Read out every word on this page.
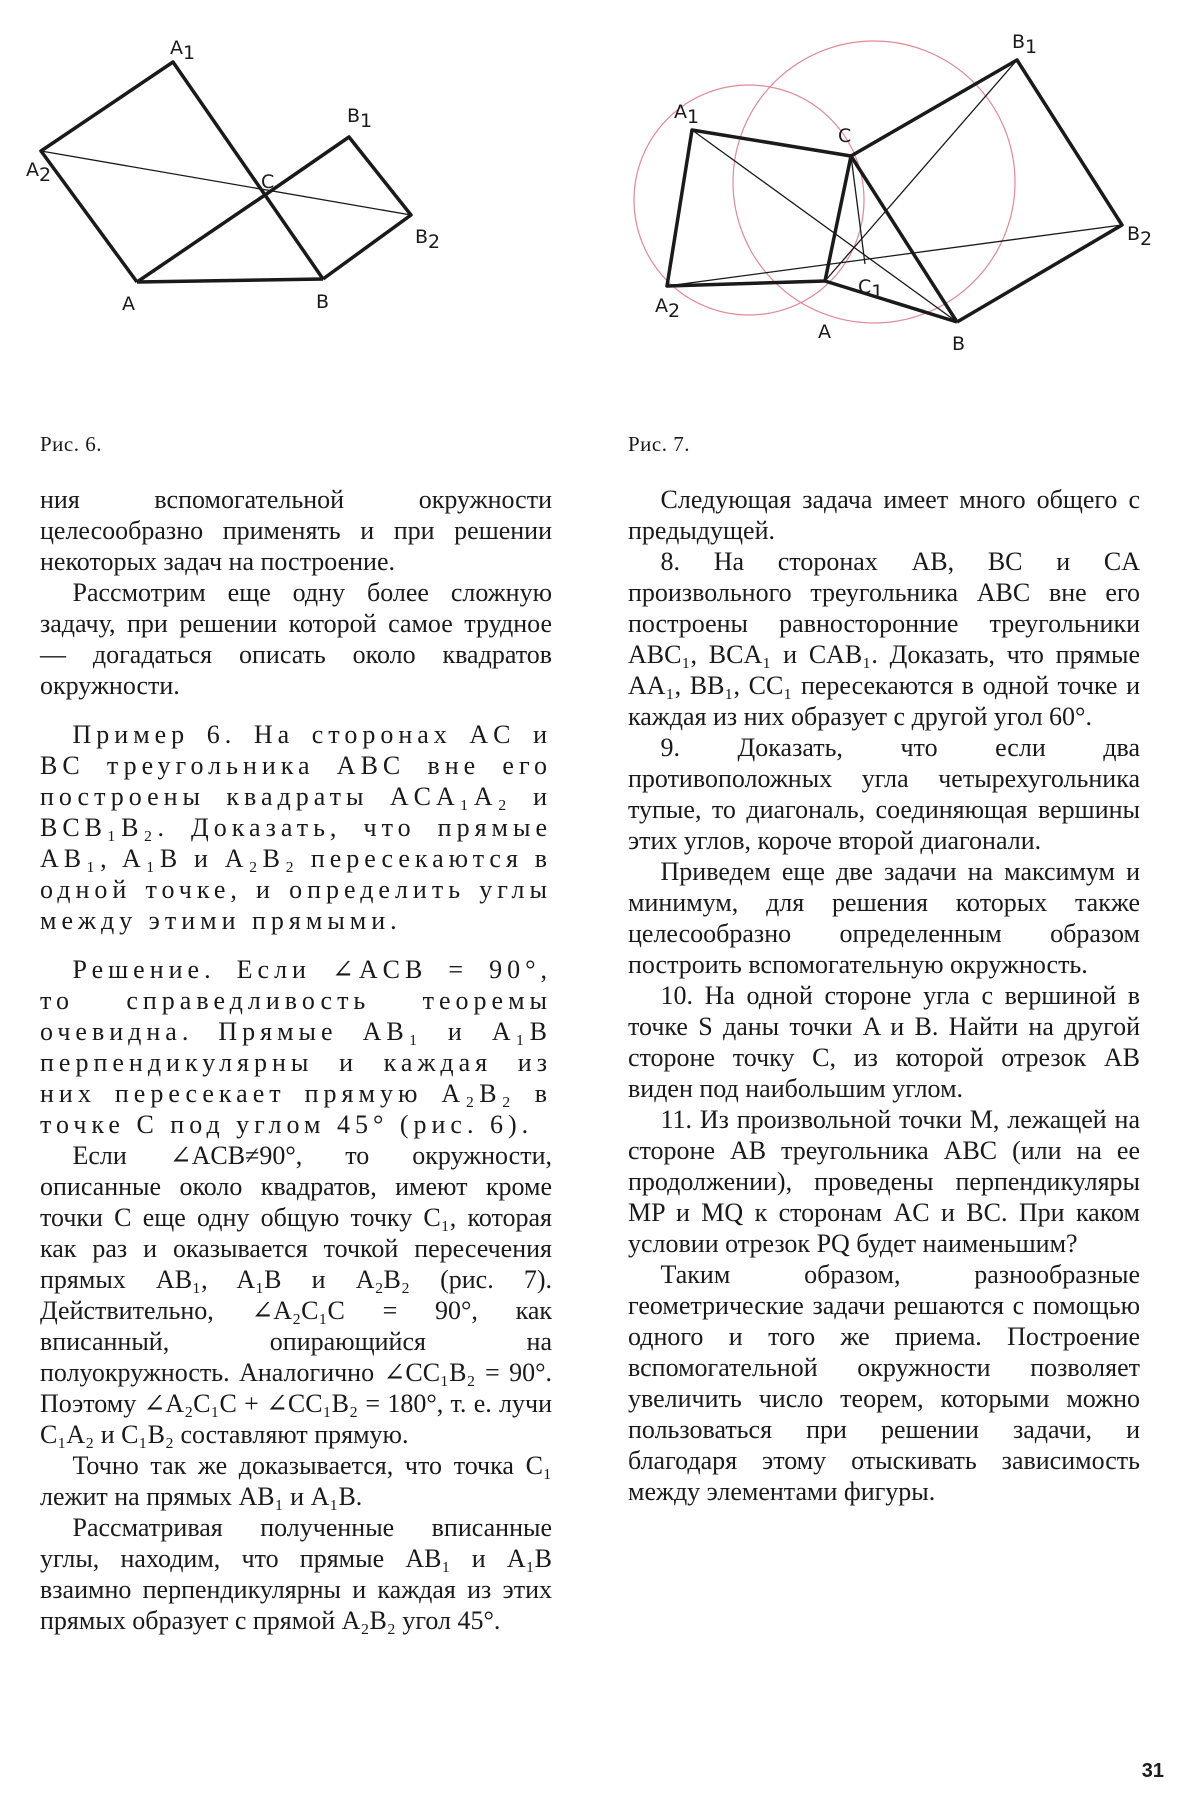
A1
A2
B1
B2
C
A	B
Рис. 6.
A1
A2
B1
B2
C
C1
A
B
Рис. 7.

ния вспомогательной окружности целесообразно применять и при решении некоторых задач на построение.

Рассмотрим еще одну более сложную задачу, при решении которой самое трудное — догадаться описать около квадратов окружности.

Пример 6. На сторонах AC и BC треугольника ABC вне его построены квадраты ACA₁A₂ и BCB₁B₂. Доказать, что прямые AB₁, A₁B и A₂B₂ пересекаются в одной точке, и определить углы между этими прямыми.

Решение. Если ∠ACB = 90°, то справедливость теоремы очевидна. Прямые AB₁ и A₁B перпендикулярны и каждая из них пересекает прямую A₂B₂ в точке C под углом 45° (рис. 6).

Если ∠ACB≠90°, то окружности, описанные около квадратов, имеют кроме точки C еще одну общую точку C₁, которая как раз и оказывается точкой пересечения прямых AB₁, A₁B и A₂B₂ (рис. 7). Действительно, ∠A₂C₁C = 90°, как вписанный, опирающийся на полуокружность. Аналогично ∠CC₁B₂ = 90°. Поэтому ∠A₂C₁C + ∠CC₁B₂ = 180°, т. е. лучи C₁A₂ и C₁B₂ составляют прямую.

Точно так же доказывается, что точка C₁ лежит на прямых AB₁ и A₁B.

Рассматривая полученные вписанные углы, находим, что прямые AB₁ и A₁B взаимно перпендикулярны и каждая из этих прямых образует с прямой A₂B₂ угол 45°.

Следующая задача имеет много общего с предыдущей.

8. На сторонах AB, BC и CA произвольного треугольника ABC вне его построены равносторонние треугольники ABC₁, BCA₁ и CAB₁. Доказать, что прямые AA₁, BB₁, CC₁ пересекаются в одной точке и каждая из них образует с другой угол 60°.

9. Доказать, что если два противоположных угла четырехугольника тупые, то диагональ, соединяющая вершины этих углов, короче второй диагонали.

Приведем еще две задачи на максимум и минимум, для решения которых также целесообразно определенным образом построить вспомогательную окружность.

10. На одной стороне угла с вершиной в точке S даны точки A и B. Найти на другой стороне точку C, из которой отрезок AB виден под наибольшим углом.

11. Из произвольной точки M, лежащей на стороне AB треугольника ABC (или на ее продолжении), проведены перпендикуляры MP и MQ к сторонам AC и BC. При каком условии отрезок PQ будет наименьшим?

Таким образом, разнообразные геометрические задачи решаются с помощью одного и того же приема. Построение вспомогательной окружности позволяет увеличить число теорем, которыми можно пользоваться при решении задачи, и благодаря этому отыскивать зависимость между элементами фигуры.

31
